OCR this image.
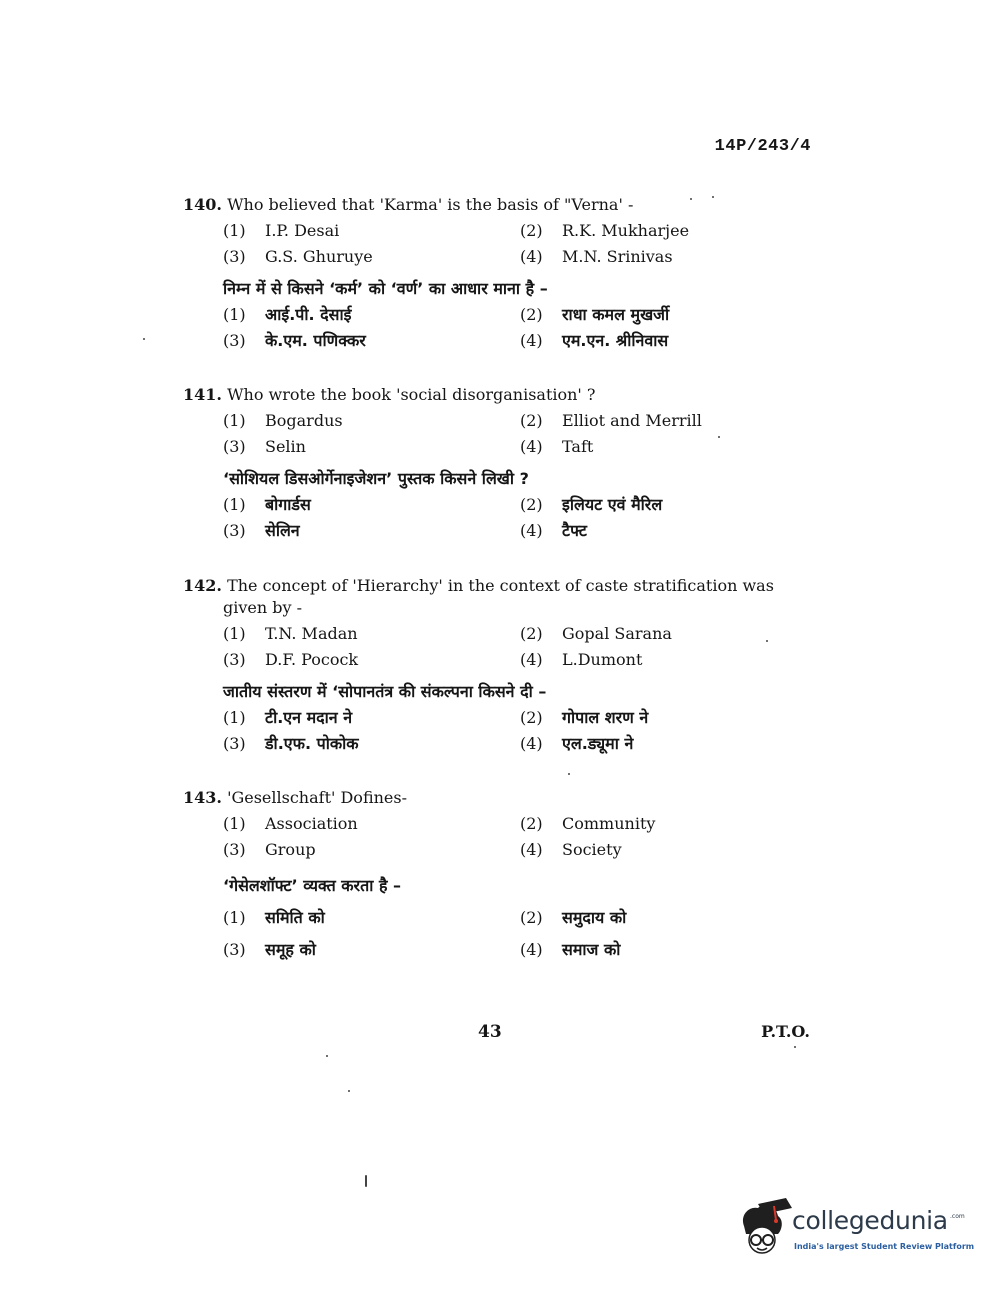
14P/243/4

140. Who believed that 'Karma' is the basis of "Verna' -

(1)	I.P. Desai	(2)	R.K. Mukharjee
(3)	G.S. Ghuruye	(4)	M.N. Srinivas
निम्न में से किसने ‘कर्म’ को ‘वर्ण’ का आधार माना है –
(1)	आई.पी. देसाई	(2)	राधा कमल मुखर्जी
(3)	के.एम. पणिक्कर	(4)	एम.एन. श्रीनिवास

141. Who wrote the book 'social disorganisation' ?

(1)	Bogardus	(2)	Elliot and Merrill
(3)	Selin	(4)	Taft
‘सोशियल डिसओर्गेनाइजेशन’ पुस्तक किसने लिखी ?
(1)	बोगार्डस	(2)	इलियट एवं मैरिल
(3)	सेलिन	(4)	टैफ्ट

142. The concept of 'Hierarchy' in the context of caste stratification was
given by -

(1)	T.N. Madan	(2)	Gopal Sarana
(3)	D.F. Pocock	(4)	L.Dumont
जातीय संस्तरण में ‘सोपानतंत्र की संकल्पना किसने दी –
(1)	टी.एन मदान ने	(2)	गोपाल शरण ने
(3)	डी.एफ. पोकोक	(4)	एल.ड्यूमा ने

143. 'Gesellschaft' Dofines-

(1)	Association	(2)	Community
(3)	Group	(4)	Society
‘गेसेलशॉफ्ट’ व्यक्त करता है –
(1)	समिति को	(2)	समुदाय को
(3)	समूह को	(4)	समाज को
43	P.T.O.
collegedunia .com
India's largest Student Review Platform
